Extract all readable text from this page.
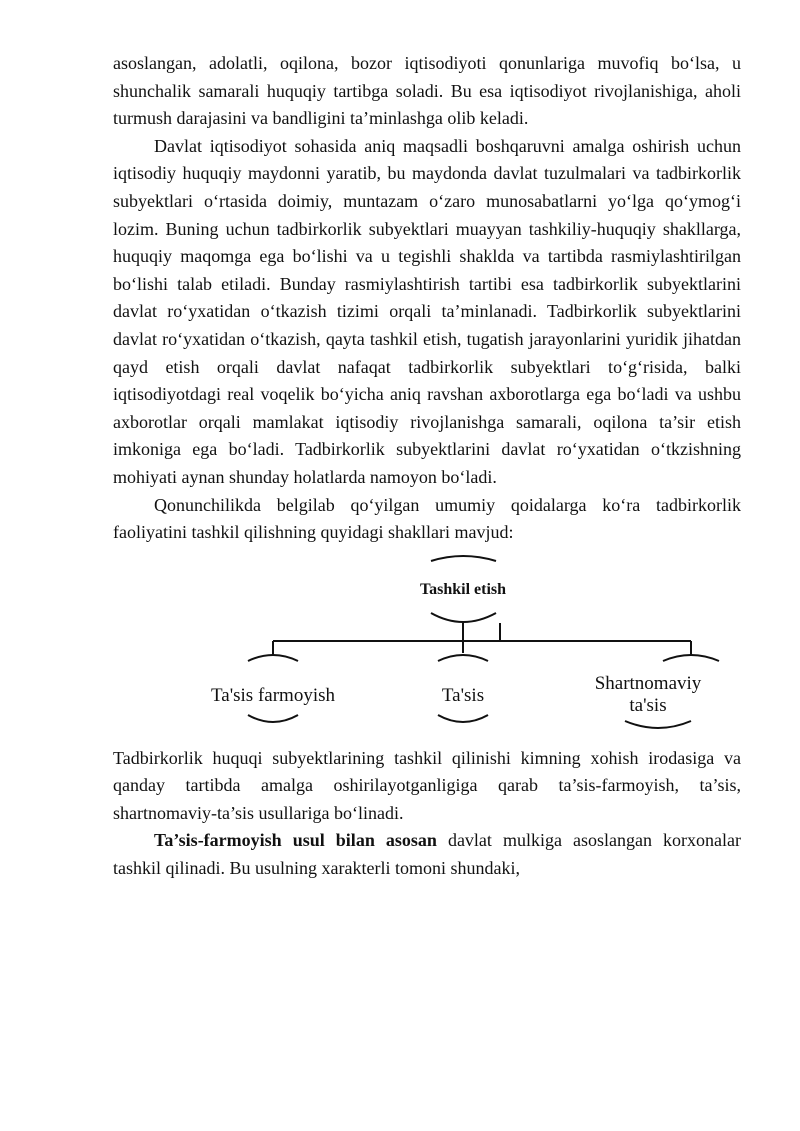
asoslangan, adolatli, oqilona, bozor iqtisodiyoti qonunlariga muvofiq bo‘lsa, u shunchalik samarali huquqiy tartibga soladi. Bu esa iqtisodiyot rivojlanishiga, aholi turmush darajasini va bandligini ta’minlashga olib keladi.

Davlat iqtisodiyot sohasida aniq maqsadli boshqaruvni amalga oshirish uchun iqtisodiy huquqiy maydonni yaratib, bu maydonda davlat tuzulmalari va tadbirkorlik subyektlari o‘rtasida doimiy, muntazam o‘zaro munosabatlarni yo‘lga qo‘ymog‘i lozim. Buning uchun tadbirkorlik subyektlari muayyan tashkiliy-huquqiy shakllarga, huquqiy maqomga ega bo‘lishi va u tegishli shaklda va tartibda rasmiylashtirilgan bo‘lishi talab etiladi. Bunday rasmiylashtirish tartibi esa tadbirkorlik subyektlarini davlat ro‘yxatidan o‘tkazish tizimi orqali ta’minlanadi. Tadbirkorlik subyektlarini davlat ro‘yxatidan o‘tkazish, qayta tashkil etish, tugatish jarayonlarini yuridik jihatdan qayd etish orqali davlat nafaqat tadbirkorlik subyektlari to‘g‘risida, balki iqtisodiyotdagi real voqelik bo‘yicha aniq ravshan axborotlarga ega bo‘ladi va ushbu axborotlar orqali mamlakat iqtisodiy rivojlanishga samarali, oqilona ta’sir etish imkoniga ega bo‘ladi. Tadbirkorlik subyektlarini davlat ro‘yxatidan o‘tkzishning mohiyati aynan shunday holatlarda namoyon bo‘ladi.

Qonunchilikda belgilab qo‘yilgan umumiy qoidalarga ko‘ra tadbirkorlik faoliyatini tashkil qilishning quyidagi shakllari mavjud:

Tashkil etish
Ta'sis farmoyish	Ta'sis
Shartnomaviy ta'sis

Tadbirkorlik huquqi subyektlarining tashkil qilinishi kimning xohish irodasiga va qanday tartibda amalga oshirilayotganligiga qarab ta’sis-farmoyish, ta’sis, shartnomaviy-ta’sis usullariga bo‘linadi.

Ta’sis-farmoyish usul bilan asosan davlat mulkiga asoslangan korxonalar tashkil qilinadi. Bu usulning xarakterli tomoni shundaki,
